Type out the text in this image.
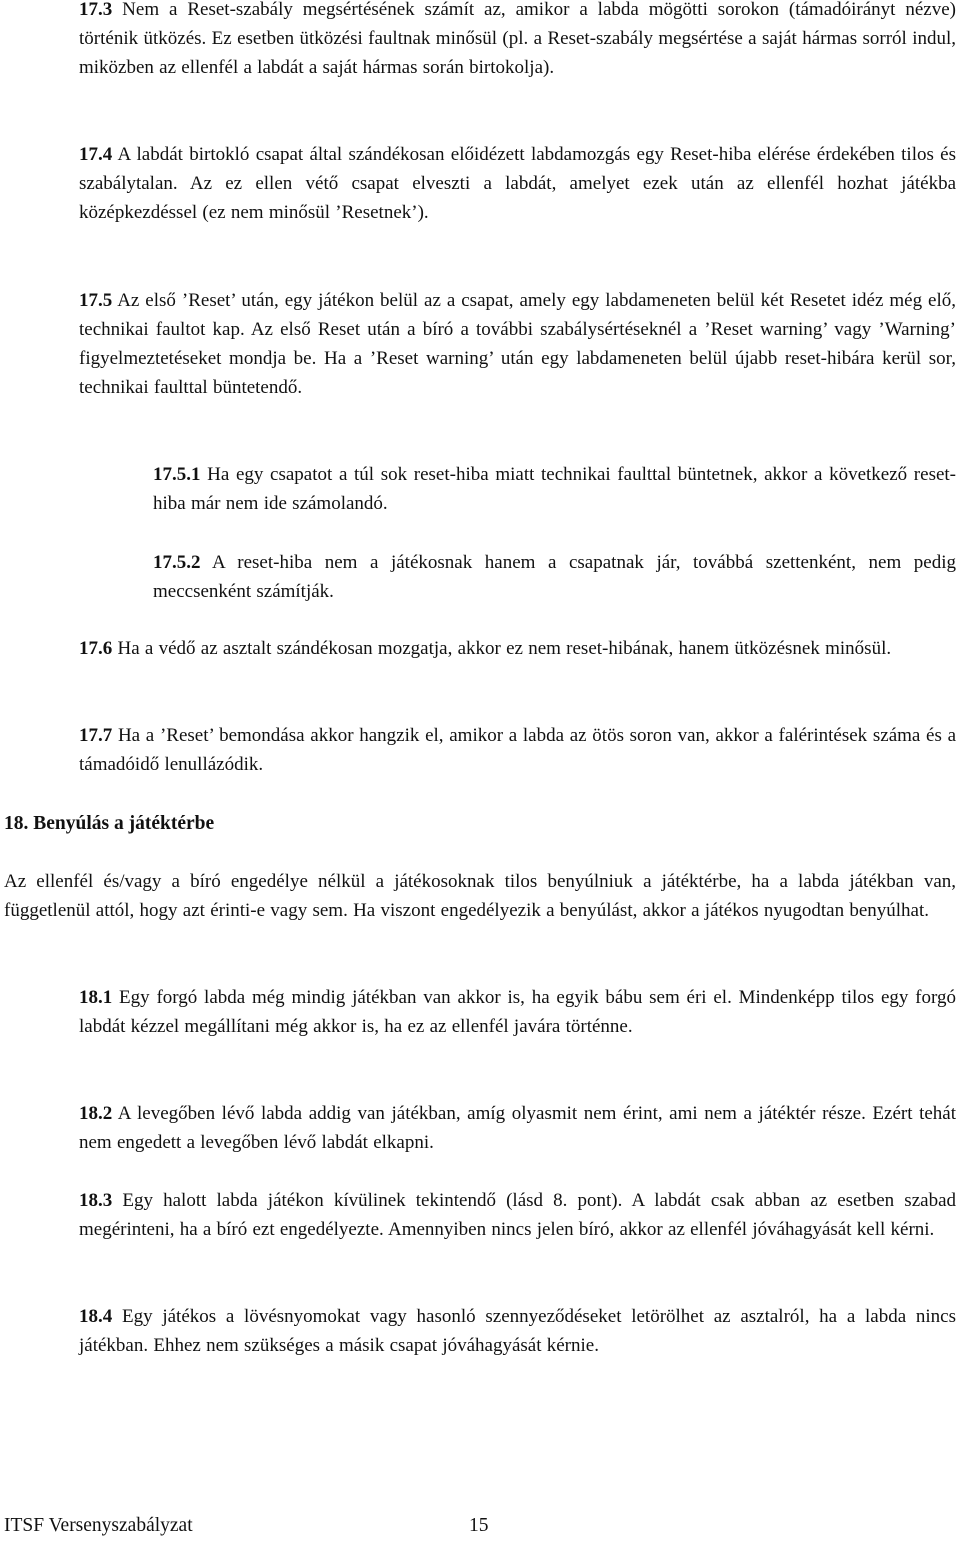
17.3 Nem a Reset-szabály megsértésének számít az, amikor a labda mögötti sorokon (támadóirányt nézve) történik ütközés. Ez esetben ütközési faultnak minősül (pl. a Reset-szabály megsértése a saját hármas sorról indul, miközben az ellenfél a labdát a saját hármas során birtokolja).

17.4 A labdát birtokló csapat által szándékosan előidézett labdamozgás egy Reset-hiba elérése érdekében tilos és szabálytalan. Az ez ellen vétő csapat elveszti a labdát, amelyet ezek után az ellenfél hozhat játékba középkezdéssel (ez nem minősül ’Resetnek’).

17.5 Az első ’Reset’ után, egy játékon belül az a csapat, amely egy labdameneten belül két Resetet idéz még elő, technikai faultot kap. Az első Reset után a bíró a további szabálysértéseknél a ’Reset warning’ vagy ’Warning’ figyelmeztetéseket mondja be. Ha a ’Reset warning’ után egy labdameneten belül újabb reset-hibára kerül sor, technikai faulttal büntetendő.

17.5.1 Ha egy csapatot a túl sok reset-hiba miatt technikai faulttal büntetnek, akkor a következő reset-hiba már nem ide számolandó.

17.5.2 A reset-hiba nem a játékosnak hanem a csapatnak jár, továbbá szettenként, nem pedig meccsenként számítják.

17.6 Ha a védő az asztalt szándékosan mozgatja, akkor ez nem reset-hibának, hanem ütközésnek minősül.

17.7 Ha a ’Reset’ bemondása akkor hangzik el, amikor a labda az ötös soron van, akkor a falérintések száma és a támadóidő lenullázódik.

18. Benyúlás a játéktérbe

Az ellenfél és/vagy a bíró engedélye nélkül a játékosoknak tilos benyúlniuk a játéktérbe, ha a labda játékban van, függetlenül attól, hogy azt érinti-e vagy sem. Ha viszont engedélyezik a benyúlást, akkor a játékos nyugodtan benyúlhat.

18.1 Egy forgó labda még mindig játékban van akkor is, ha egyik bábu sem éri el. Mindenképp tilos egy forgó labdát kézzel megállítani még akkor is, ha ez az ellenfél javára történne.

18.2 A levegőben lévő labda addig van játékban, amíg olyasmit nem érint, ami nem a játéktér része. Ezért tehát nem engedett a levegőben lévő labdát elkapni.

18.3 Egy halott labda játékon kívülinek tekintendő (lásd 8. pont). A labdát csak abban az esetben szabad megérinteni, ha a bíró ezt engedélyezte. Amennyiben nincs jelen bíró, akkor az ellenfél jóváhagyását kell kérni.

18.4 Egy játékos a lövésnyomokat vagy hasonló szennyeződéseket letörölhet az asztalról, ha a labda nincs játékban. Ehhez nem szükséges a másik csapat jóváhagyását kérnie.

ITSF Versenyszabályzat	15
